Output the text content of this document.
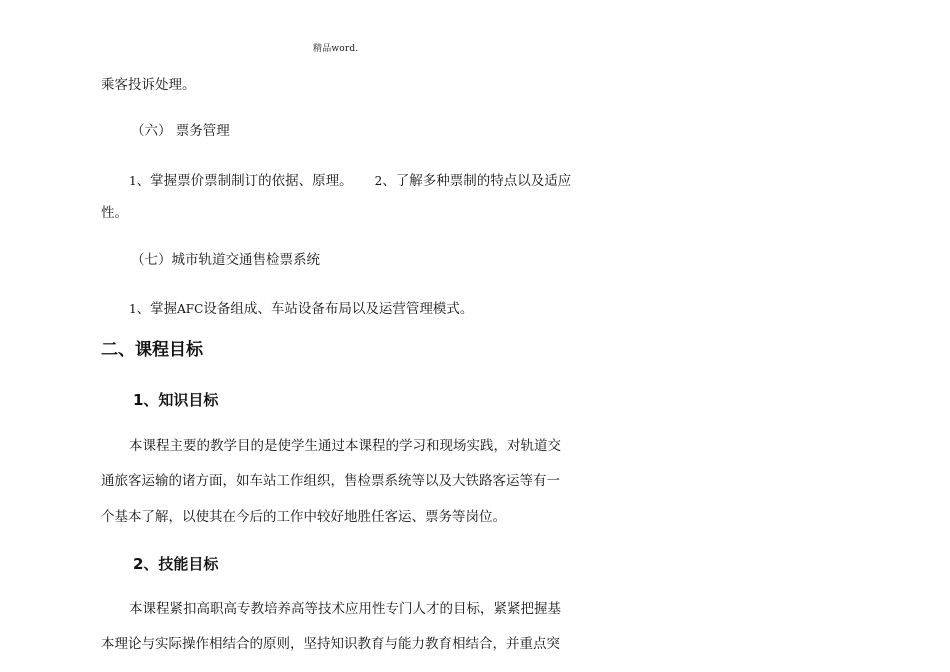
精品word.
乘客投诉处理。
（六） 票务管理
1、掌握票价票制制订的依据、原理。 2、了解多种票制的特点以及适应
性。
（七）城市轨道交通售检票系统
1、掌握AFC设备组成、车站设备布局以及运营管理模式。
二、课程目标
1、知识目标
本课程主要的教学目的是使学生通过本课程的学习和现场实践，对轨道交
通旅客运输的诸方面，如车站工作组织，售检票系统等以及大铁路客运等有一
个基本了解，以使其在今后的工作中较好地胜任客运、票务等岗位。
2、技能目标
本课程紧扣高职高专教培养高等技术应用性专门人才的目标，紧紧把握基
本理论与实际操作相结合的原则，坚持知识教育与能力教育相结合，并重点突
